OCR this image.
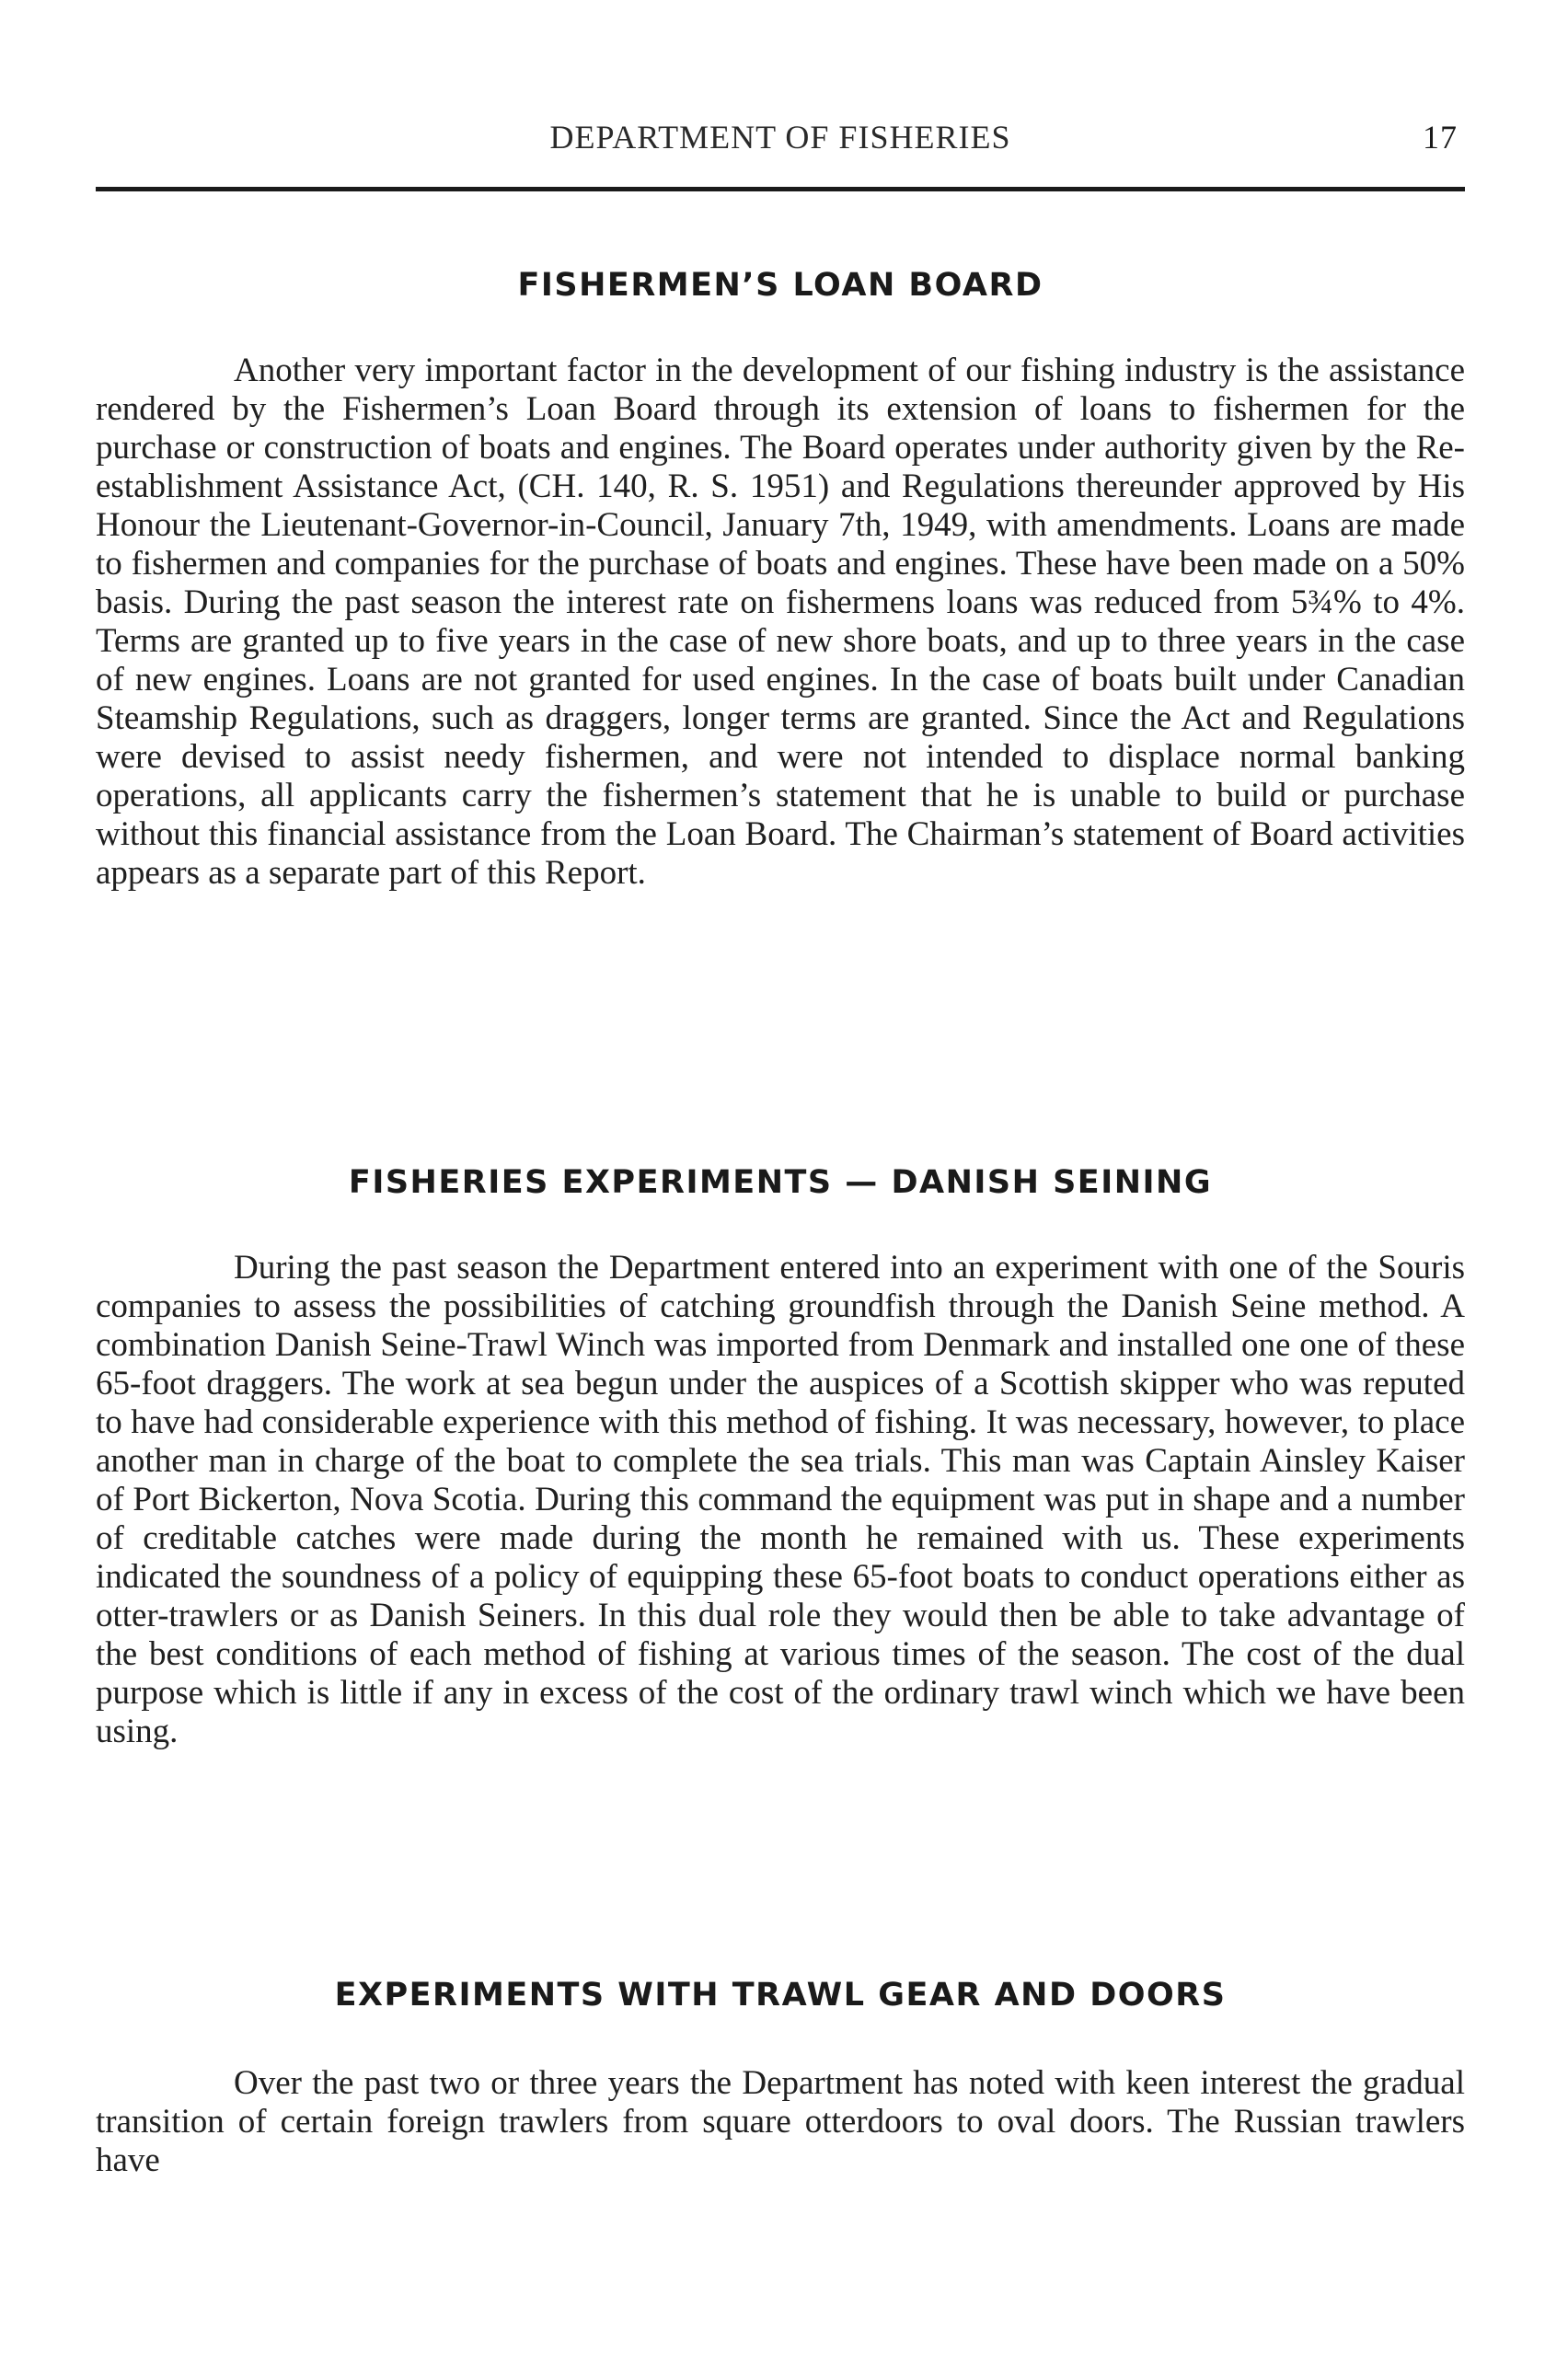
DEPARTMENT OF FISHERIES	17
FISHERMEN’S LOAN BOARD

Another very important factor in the development of our fishing industry is the assistance rendered by the Fishermen’s Loan Board through its extension of loans to fishermen for the purchase or construction of boats and engines. The Board operates under authority given by the Re-establishment Assistance Act, (CH. 140, R. S. 1951) and Regulations thereunder approved by His Honour the Lieutenant-Governor-in-Council, January 7th, 1949, with amendments. Loans are made to fishermen and companies for the purchase of boats and engines. These have been made on a 50% basis. During the past season the interest rate on fishermens loans was reduced from 5¾% to 4%. Terms are granted up to five years in the case of new shore boats, and up to three years in the case of new engines. Loans are not granted for used engines. In the case of boats built under Canadian Steamship Regulations, such as draggers, longer terms are granted. Since the Act and Regulations were devised to assist needy fishermen, and were not intended to displace normal banking operations, all applicants carry the fishermen’s statement that he is unable to build or purchase without this financial assistance from the Loan Board. The Chairman’s statement of Board activities appears as a separate part of this Report.

FISHERIES EXPERIMENTS — DANISH SEINING

During the past season the Department entered into an experiment with one of the Souris companies to assess the possibilities of catching groundfish through the Danish Seine method. A combination Danish Seine-Trawl Winch was imported from Denmark and installed one one of these 65-foot draggers. The work at sea begun under the auspices of a Scottish skipper who was reputed to have had considerable experience with this method of fishing. It was necessary, however, to place another man in charge of the boat to complete the sea trials. This man was Captain Ainsley Kaiser of Port Bickerton, Nova Scotia. During this command the equipment was put in shape and a number of creditable catches were made during the month he remained with us. These experiments indicated the soundness of a policy of equipping these 65-foot boats to conduct operations either as otter-trawlers or as Danish Seiners. In this dual role they would then be able to take advantage of the best conditions of each method of fishing at various times of the season. The cost of the dual purpose which is little if any in excess of the cost of the ordinary trawl winch which we have been using.

EXPERIMENTS WITH TRAWL GEAR AND DOORS

Over the past two or three years the Department has noted with keen interest the gradual transition of certain foreign trawlers from square otterdoors to oval doors. The Russian trawlers have
